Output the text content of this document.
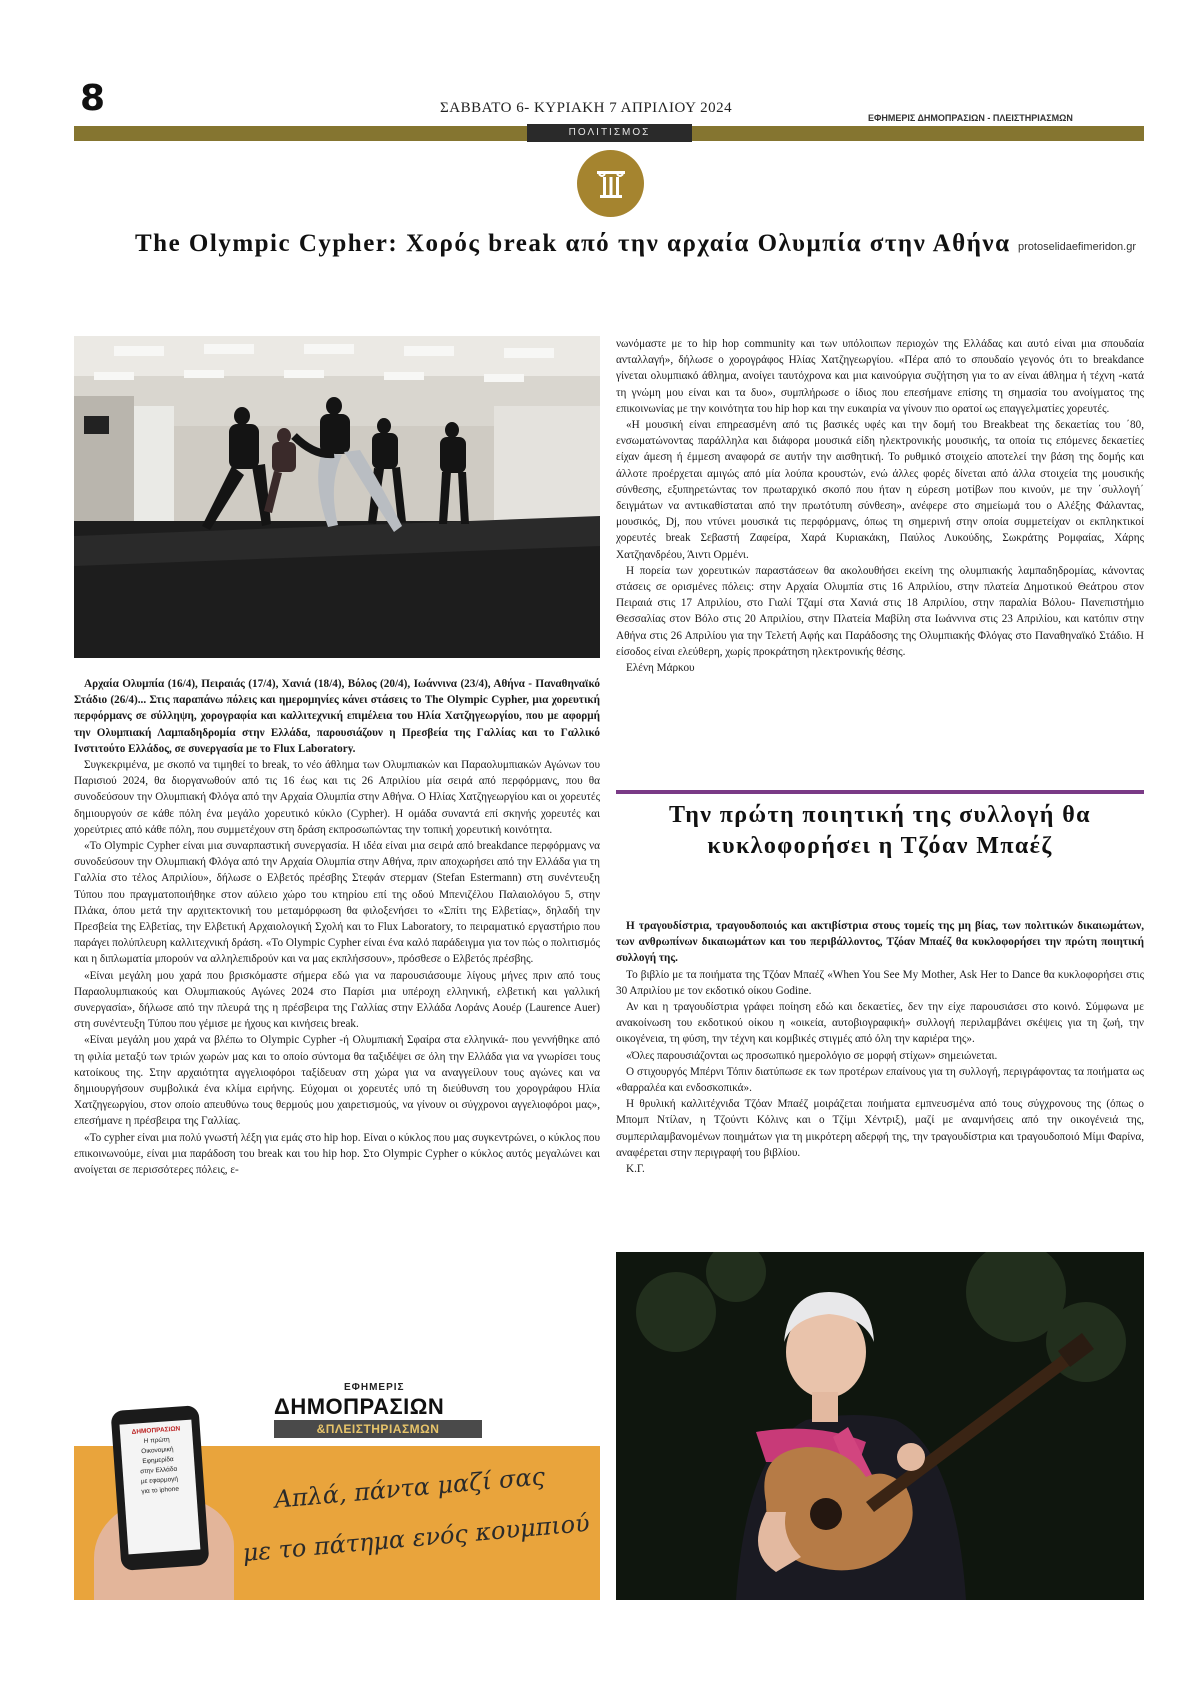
8	ΣΑΒΒΑΤΟ 6- ΚΥΡΙΑΚΗ 7 ΑΠΡΙΛΙΟΥ 2024
ΕΦΗΜΕΡΙΣ ΔΗΜΟΠΡΑΣΙΩΝ - ΠΛΕΙΣΤΗΡΙΑΣΜΩΝ
ΠΟΛΙΤΙΣΜΟΣ
The Olympic Cypher: Χορός break από την αρχαία Ολυμπία στην Αθήνα protoselidaefimeridon.gr

Αρχαία Ολυμπία (16/4), Πειραιάς (17/4), Χανιά (18/4), Βόλος (20/4), Ιωάννινα (23/4), Αθήνα - Παναθηναϊκό Στάδιο (26/4)... Στις παραπάνω πόλεις και ημερομηνίες κάνει στάσεις το The Olympic Cypher, μια χορευτική περφόρμανς σε σύλληψη, χορογραφία και καλλιτεχνική επιμέλεια του Ηλία Χατζηγεωργίου, που με αφορμή την Ολυμπιακή Λαμπαδηδρομία στην Ελλάδα, παρουσιάζουν η Πρεσβεία της Γαλλίας και το Γαλλικό Ινστιτούτο Ελλάδος, σε συνεργασία με το Flux Laboratory.

Συγκεκριμένα, με σκοπό να τιμηθεί το break, το νέο άθλημα των Ολυμπιακών και Παραολυμπιακών Αγώνων του Παρισιού 2024, θα διοργανωθούν από τις 16 έως και τις 26 Απριλίου μία σειρά από περφόρμανς, που θα συνοδεύσουν την Ολυμπιακή Φλόγα από την Αρχαία Ολυμπία στην Αθήνα. Ο Ηλίας Χατζηγεωργίου και οι χορευτές δημιουργούν σε κάθε πόλη ένα μεγάλο χορευτικό κύκλο (Cypher). Η ομάδα συναντά επί σκηνής χορευτές και χορεύτριες από κάθε πόλη, που συμμετέχουν στη δράση εκπροσωπώντας την τοπική χορευτική κοινότητα.

«Το Olympic Cypher είναι μια συναρπαστική συνεργασία. Η ιδέα είναι μια σειρά από breakdance περφόρμανς να συνοδεύσουν την Ολυμπιακή Φλόγα από την Αρχαία Ολυμπία στην Αθήνα, πριν αποχωρήσει από την Ελλάδα για τη Γαλλία στο τέλος Απριλίου», δήλωσε ο Ελβετός πρέσβης Στεφάν στερμαν (Stefan Estermann) στη συνέντευξη Τύπου που πραγματοποιήθηκε στον αύλειο χώρο του κτηρίου επί της οδού Μπενιζέλου Παλαιολόγου 5, στην Πλάκα, όπου μετά την αρχιτεκτονική του μεταμόρφωση θα φιλοξενήσει το «Σπίτι της Ελβετίας», δηλαδή την Πρεσβεία της Ελβετίας, την Ελβετική Αρχαιολογική Σχολή και το Flux Laboratory, το πειραματικό εργαστήριο που παράγει πολύπλευρη καλλιτεχνική δράση. «Το Olympic Cypher είναι ένα καλό παράδειγμα για τον πώς ο πολιτισμός και η διπλωματία μπορούν να αλληλεπιδρούν και να μας εκπλήσσουν», πρόσθεσε ο Ελβετός πρέσβης.

«Είναι μεγάλη μου χαρά που βρισκόμαστε σήμερα εδώ για να παρουσιάσουμε λίγους μήνες πριν από τους Παραολυμπιακούς και Ολυμπιακούς Αγώνες 2024 στο Παρίσι μια υπέροχη ελληνική, ελβετική και γαλλική συνεργασία», δήλωσε από την πλευρά της η πρέσβειρα της Γαλλίας στην Ελλάδα Λοράνς Αουέρ (Laurence Auer) στη συνέντευξη Τύπου που γέμισε με ήχους και κινήσεις break.

«Είναι μεγάλη μου χαρά να βλέπω το Olympic Cypher -ή Ολυμπιακή Σφαίρα στα ελληνικά- που γεννήθηκε από τη φιλία μεταξύ των τριών χωρών μας και το οποίο σύντομα θα ταξιδέψει σε όλη την Ελλάδα για να γνωρίσει τους κατοίκους της. Στην αρχαιότητα αγγελιοφόροι ταξίδευαν στη χώρα για να αναγγείλουν τους αγώνες και να δημιουργήσουν συμβολικά ένα κλίμα ειρήνης. Εύχομαι οι χορευτές υπό τη διεύθυνση του χορογράφου Ηλία Χατζηγεωργίου, στον οποίο απευθύνω τους θερμούς μου χαιρετισμούς, να γίνουν οι σύγχρονοι αγγελιοφόροι μας», επεσήμανε η πρέσβειρα της Γαλλίας.

«Το cypher είναι μια πολύ γνωστή λέξη για εμάς στο hip hop. Είναι ο κύκλος που μας συγκεντρώνει, ο κύκλος που επικοινωνούμε, είναι μια παράδοση του break και του hip hop. Στο Olympic Cypher ο κύκλος αυτός μεγαλώνει και ανοίγεται σε περισσότερες πόλεις, ε-

νωνόμαστε με το hip hop community και των υπόλοιπων περιοχών της Ελλάδας και αυτό είναι μια σπουδαία ανταλλαγή», δήλωσε ο χορογράφος Ηλίας Χατζηγεωργίου. «Πέρα από το σπουδαίο γεγονός ότι το breakdance γίνεται ολυμπιακό άθλημα, ανοίγει ταυτόχρονα και μια καινούργια συζήτηση για το αν είναι άθλημα ή τέχνη -κατά τη γνώμη μου είναι και τα δυο», συμπλήρωσε ο ίδιος που επεσήμανε επίσης τη σημασία του ανοίγματος της επικοινωνίας με την κοινότητα του hip hop και την ευκαιρία να γίνουν πιο ορατοί ως επαγγελματίες χορευτές.

«Η μουσική είναι επηρεασμένη από τις βασικές υφές και την δομή του Breakbeat της δεκαετίας του ΄80, ενσωματώνοντας παράλληλα και διάφορα μουσικά είδη ηλεκτρονικής μουσικής, τα οποία τις επόμενες δεκαετίες είχαν άμεση ή έμμεση αναφορά σε αυτήν την αισθητική. Το ρυθμικό στοιχείο αποτελεί την βάση της δομής και άλλοτε προέρχεται αμιγώς από μία λούπα κρουστών, ενώ άλλες φορές δίνεται από άλλα στοιχεία της μουσικής σύνθεσης, εξυπηρετώντας τον πρωταρχικό σκοπό που ήταν η εύρεση μοτίβων που κινούν, με την ΄συλλογή΄ δειγμάτων να αντικαθίσταται από την πρωτότυπη σύνθεση», ανέφερε στο σημείωμά του ο Αλέξης Φάλαντας, μουσικός, Dj, που ντύνει μουσικά τις περφόρμανς, όπως τη σημερινή στην οποία συμμετείχαν οι εκπληκτικοί χορευτές break Σεβαστή Ζαφείρα, Χαρά Κυριακάκη, Παύλος Λυκούδης, Σωκράτης Ρομφαίας, Χάρης Χατζηανδρέου, Άιντι Ορμένι.

Η πορεία των χορευτικών παραστάσεων θα ακολουθήσει εκείνη της ολυμπιακής λαμπαδηδρομίας, κάνοντας στάσεις σε ορισμένες πόλεις: στην Αρχαία Ολυμπία στις 16 Απριλίου, στην πλατεία Δημοτικού Θεάτρου στον Πειραιά στις 17 Απριλίου, στο Γιαλί Τζαμί στα Χανιά στις 18 Απριλίου, στην παραλία Βόλου- Πανεπιστήμιο Θεσσαλίας στον Βόλο στις 20 Απριλίου, στην Πλατεία Μαβίλη στα Ιωάννινα στις 23 Απριλίου, και κατόπιν στην Αθήνα στις 26 Απριλίου για την Τελετή Αφής και Παράδοσης της Ολυμπιακής Φλόγας στο Παναθηναϊκό Στάδιο. Η είσοδος είναι ελεύθερη, χωρίς προκράτηση ηλεκτρονικής θέσης.

Ελένη Μάρκου

Την πρώτη ποιητική της συλλογή θα κυκλοφορήσει η Τζόαν Μπαέζ

Η τραγουδίστρια, τραγουδοποιός και ακτιβίστρια στους τομείς της μη βίας, των πολιτικών δικαιωμάτων, των ανθρωπίνων δικαιωμάτων και του περιβάλλοντος, Τζόαν Μπαέζ θα κυκλοφορήσει την πρώτη ποιητική συλλογή της.

Το βιβλίο με τα ποιήματα της Τζόαν Μπαέζ «When You See My Mother, Ask Her to Dance θα κυκλοφορήσει στις 30 Απριλίου με τον εκδοτικό οίκου Godine.

Αν και η τραγουδίστρια γράφει ποίηση εδώ και δεκαετίες, δεν την είχε παρουσιάσει στο κοινό. Σύμφωνα με ανακοίνωση του εκδοτικού οίκου η «οικεία, αυτοβιογραφική» συλλογή περιλαμβάνει σκέψεις για τη ζωή, την οικογένεια, τη φύση, την τέχνη και κομβικές στιγμές από όλη την καριέρα της».

«Όλες παρουσιάζονται ως προσωπικό ημερολόγιο σε μορφή στίχων» σημειώνεται.

Ο στιχουργός Μπέρνι Τόπιν διατύπωσε εκ των προτέρων επαίνους για τη συλλογή, περιγράφοντας τα ποιήματα ως «θαρραλέα και ενδοσκοπικά».

Η θρυλική καλλιτέχνιδα Τζόαν Μπαέζ μοιράζεται ποιήματα εμπνευσμένα από τους σύγχρονους της (όπως ο Μπομπ Ντίλαν, η Τζούντι Κόλινς και ο Τζίμι Χέντριξ), μαζί με αναμνήσεις από την οικογένειά της, συμπεριλαμβανομένων ποιημάτων για τη μικρότερη αδερφή της, την τραγουδίστρια και τραγουδοποιό Μίμι Φαρίνα, αναφέρεται στην περιγραφή του βιβλίου.

Κ.Γ.

ΕΦΗΜΕΡΙΣ
ΔΗΜΟΠΡΑΣΙΩΝ
&ΠΛΕΙΣΤΗΡΙΑΣΜΩΝ
ΔΗΜΟΠΡΑΣΙΩΝ
Η πρώτη
Οικονομική
Εφημερίδα
στην Ελλάδα
με εφαρμογή
για το iphone	Απλά, πάντα μαζί σας
με το πάτημα ενός κουμπιού
